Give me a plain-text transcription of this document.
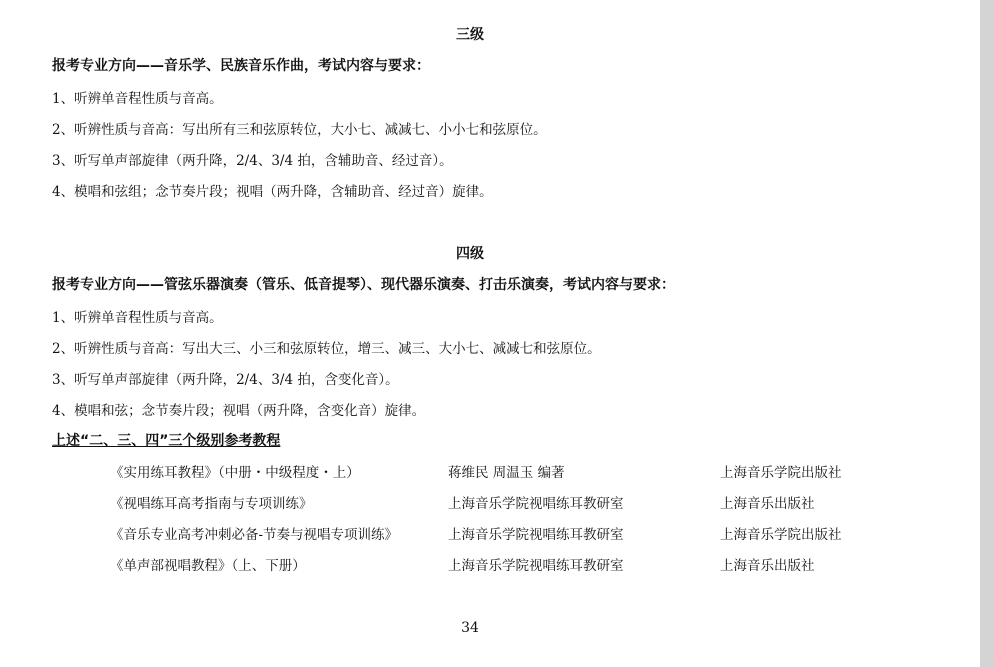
三级
报考专业方向——音乐学、民族音乐作曲，考试内容与要求：
1、听辨单音程性质与音高。
2、听辨性质与音高：写出所有三和弦原转位，大小七、减减七、小小七和弦原位。
3、听写单声部旋律（两升降，2/4、3/4 拍，含辅助音、经过音）。
4、模唱和弦组；念节奏片段；视唱（两升降，含辅助音、经过音）旋律。
四级
报考专业方向——管弦乐器演奏（管乐、低音提琴）、现代器乐演奏、打击乐演奏，考试内容与要求：
1、听辨单音程性质与音高。
2、听辨性质与音高：写出大三、小三和弦原转位，增三、减三、大小七、减减七和弦原位。
3、听写单声部旋律（两升降，2/4、3/4 拍，含变化音）。
4、模唱和弦；念节奏片段；视唱（两升降，含变化音）旋律。
上述“二、三、四”三个级别参考教程
《实用练耳教程》（中册・中级程度・上）	蒋维民 周温玉 编著	上海音乐学院出版社
《视唱练耳高考指南与专项训练》	上海音乐学院视唱练耳教研室	上海音乐出版社
《音乐专业高考冲刺必备-节奏与视唱专项训练》	上海音乐学院视唱练耳教研室	上海音乐学院出版社
《单声部视唱教程》（上、下册）	上海音乐学院视唱练耳教研室	上海音乐出版社
34
